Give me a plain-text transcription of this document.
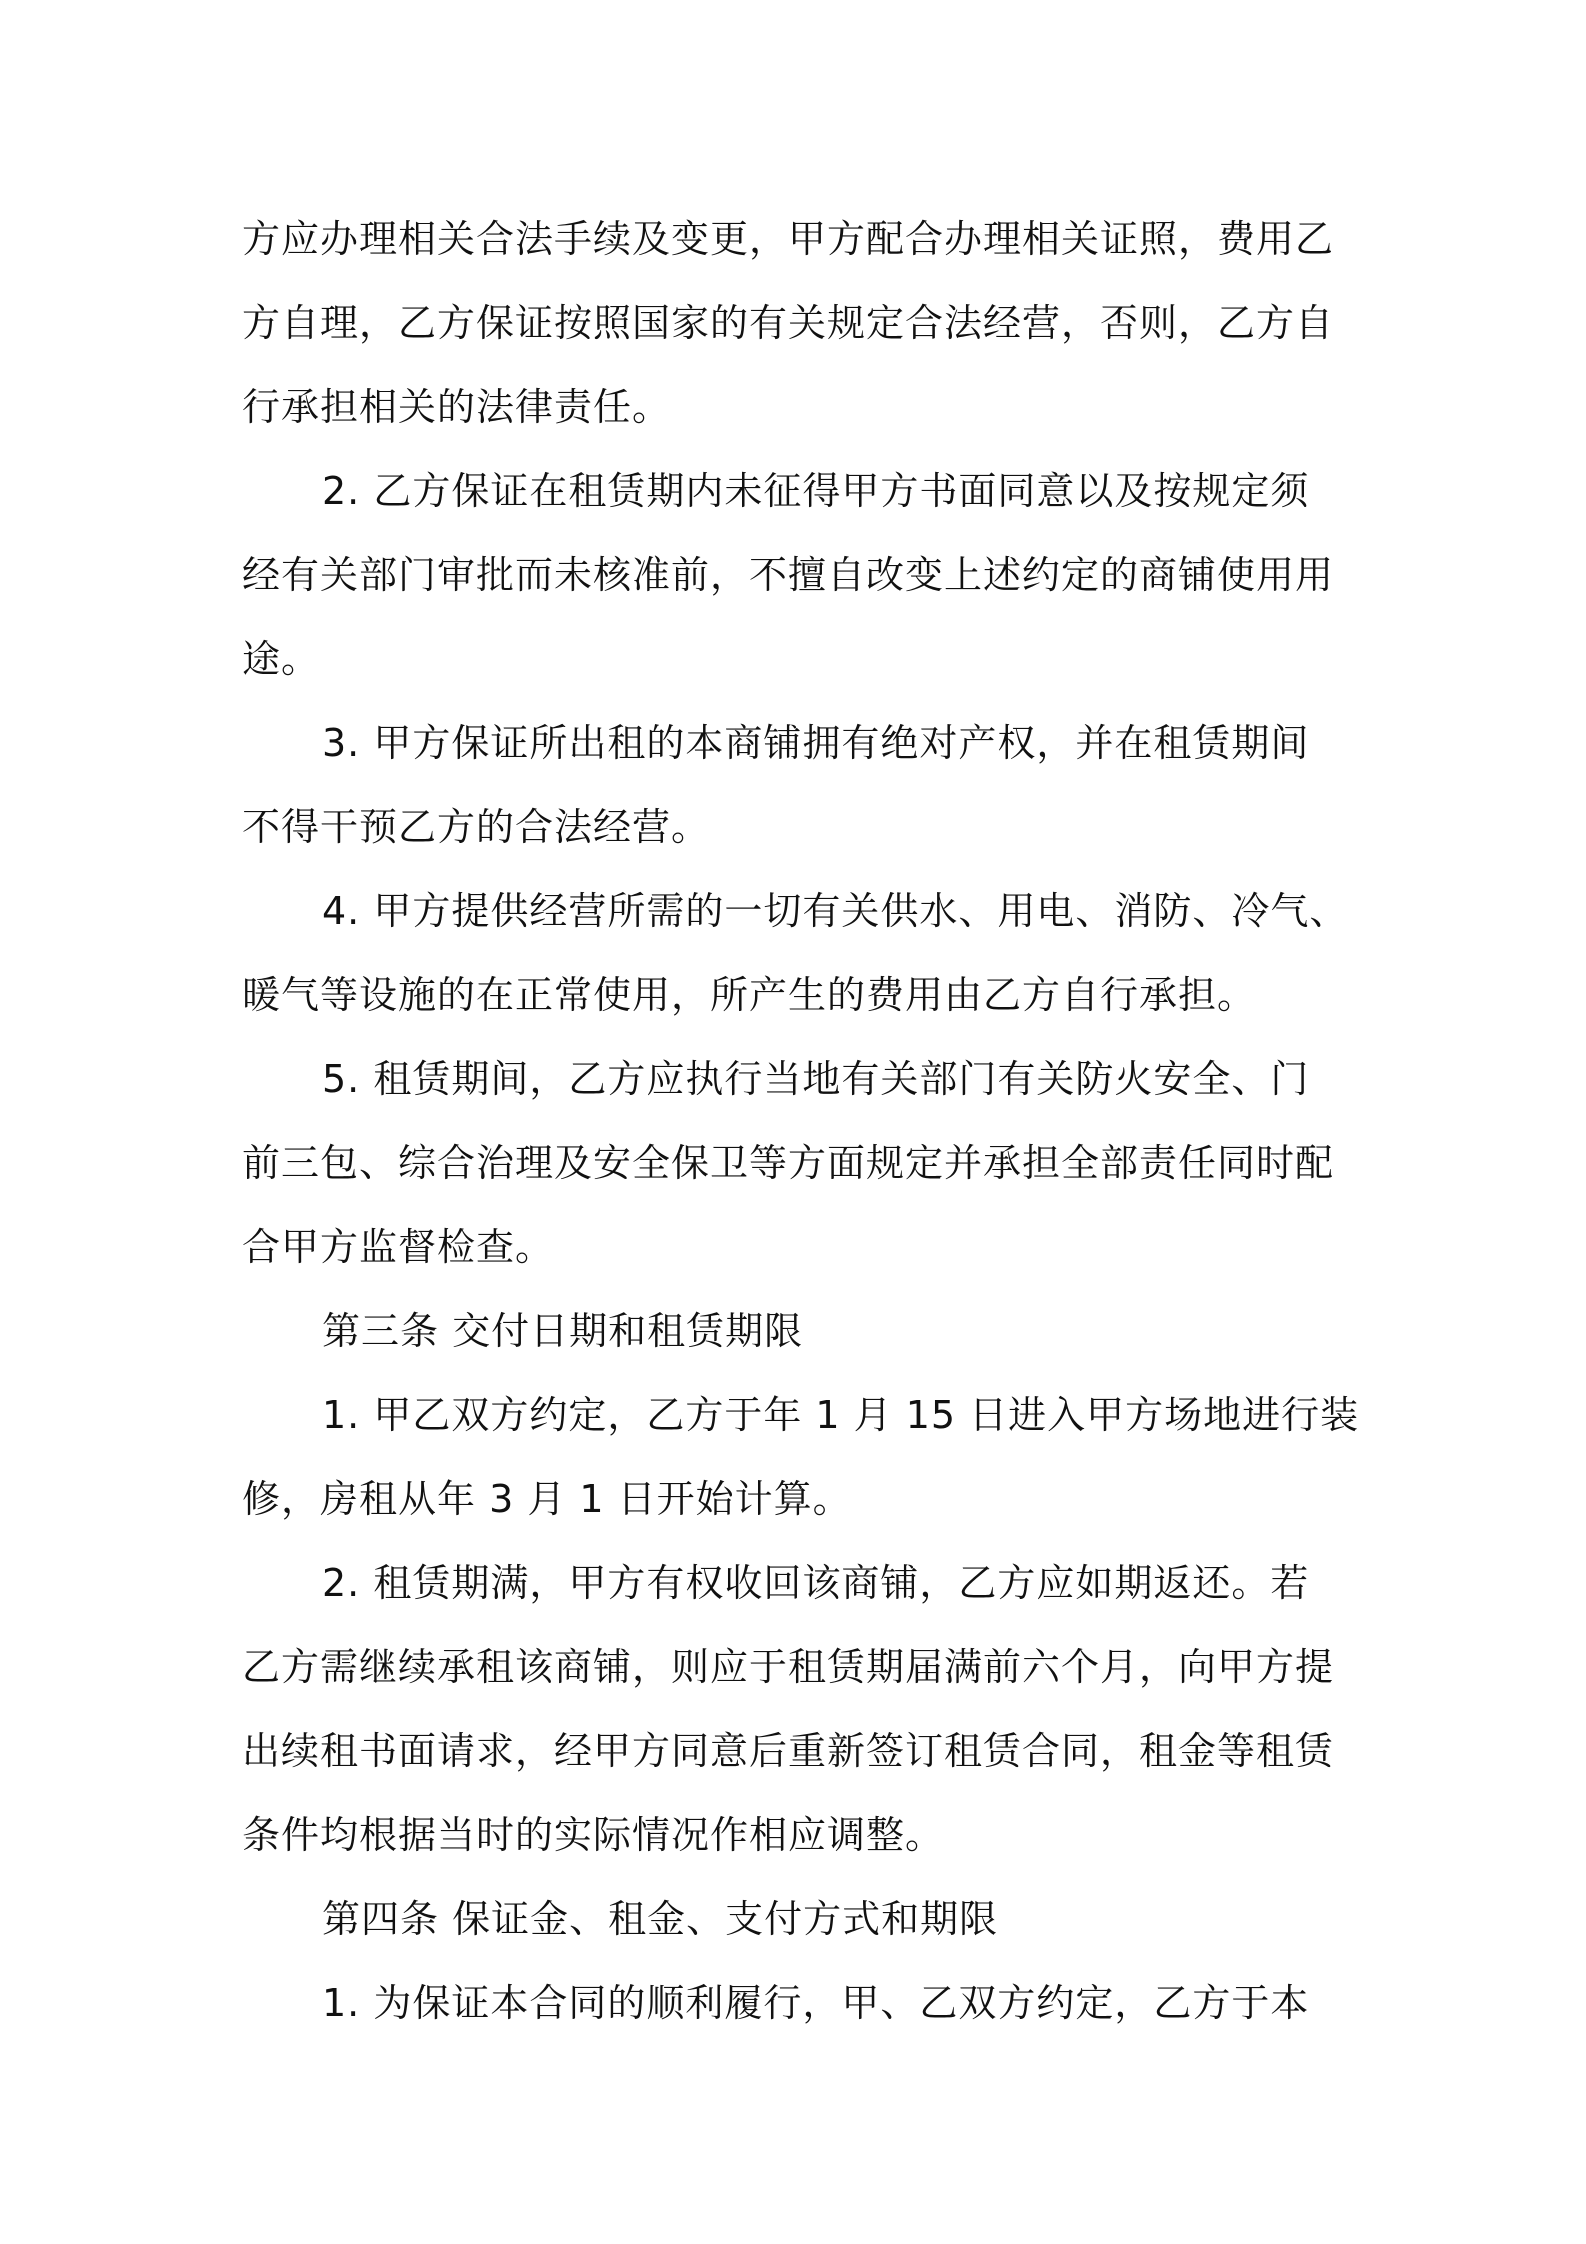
方应办理相关合法手续及变更，甲方配合办理相关证照，费用乙
方自理，乙方保证按照国家的有关规定合法经营，否则，乙方自
行承担相关的法律责任。
2. 乙方保证在租赁期内未征得甲方书面同意以及按规定须
经有关部门审批而未核准前，不擅自改变上述约定的商铺使用用
途。
3. 甲方保证所出租的本商铺拥有绝对产权，并在租赁期间
不得干预乙方的合法经营。
4. 甲方提供经营所需的一切有关供水、用电、消防、冷气、
暖气等设施的在正常使用，所产生的费用由乙方自行承担。
5. 租赁期间，乙方应执行当地有关部门有关防火安全、门
前三包、综合治理及安全保卫等方面规定并承担全部责任同时配
合甲方监督检查。
第三条 交付日期和租赁期限
1. 甲乙双方约定，乙方于年 1 月 15 日进入甲方场地进行装
修，房租从年 3 月 1 日开始计算。
2. 租赁期满，甲方有权收回该商铺，乙方应如期返还。若
乙方需继续承租该商铺，则应于租赁期届满前六个月，向甲方提
出续租书面请求，经甲方同意后重新签订租赁合同，租金等租赁
条件均根据当时的实际情况作相应调整。
第四条 保证金、租金、支付方式和期限
1. 为保证本合同的顺利履行，甲、乙双方约定，乙方于本
